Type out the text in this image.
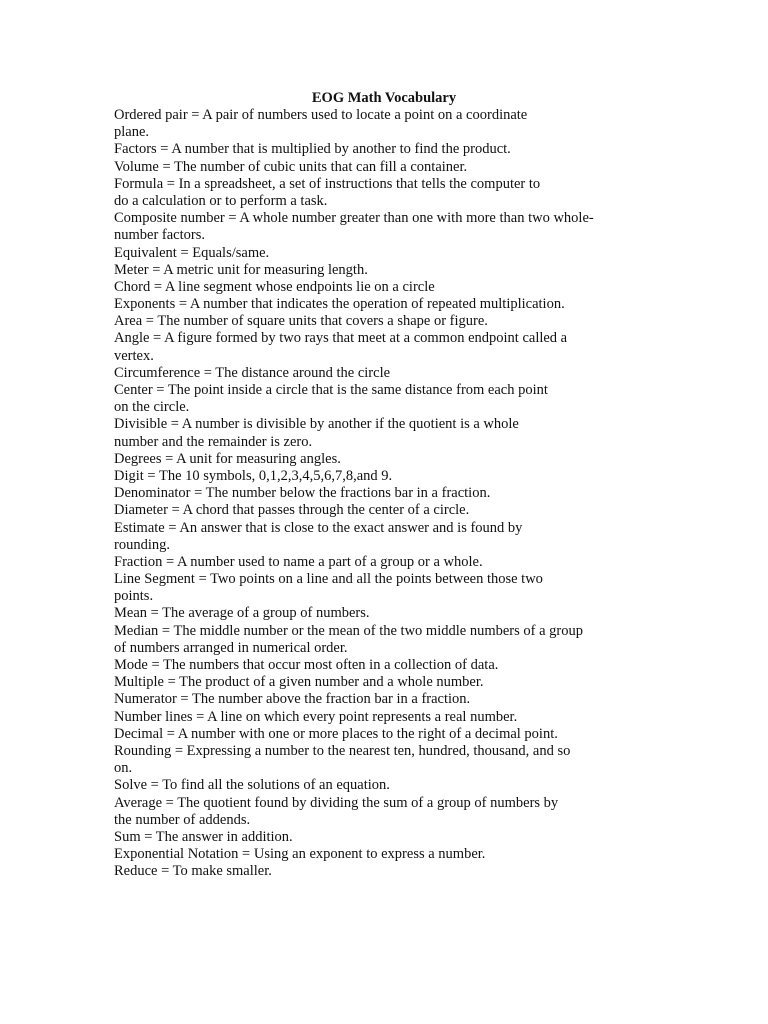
EOG Math Vocabulary
Ordered pair = A pair of numbers used to locate a point on a coordinate
plane.
Factors = A number that is multiplied by another to find the product.
Volume = The number of cubic units that can fill a container.
Formula = In a spreadsheet, a set of instructions that tells the computer to
do a calculation or to perform a task.
Composite number = A whole number greater than one with more than two whole-
number factors.
Equivalent = Equals/same.
Meter = A metric unit for measuring length.
Chord = A line segment whose endpoints lie on a circle
Exponents = A number that indicates the operation of repeated multiplication.
Area = The number of square units that covers a shape or figure.
Angle = A figure formed by two rays that meet at a common endpoint called a
vertex.
Circumference = The distance around the circle
Center = The point inside a circle that is the same distance from each point
on the circle.
Divisible = A number is divisible by another if the quotient is a whole
number and the remainder is zero.
Degrees = A unit for measuring angles.
Digit = The 10 symbols, 0,1,2,3,4,5,6,7,8,and 9.
Denominator = The number below the fractions bar in a fraction.
Diameter = A chord that passes through the center of a circle.
Estimate = An answer that is close to the exact answer and is found by
rounding.
Fraction = A number used to name a part of a group or a whole.
Line Segment = Two points on a line and all the points between those two
points.
Mean = The average of a group of numbers.
Median = The middle number or the mean of the two middle numbers of a group
of numbers arranged in numerical order.
Mode = The numbers that occur most often in a collection of data.
Multiple = The product of a given number and a whole number.
Numerator = The number above the fraction bar in a fraction.
Number lines = A line on which every point represents a real number.
Decimal = A number with one or more places to the right of a decimal point.
Rounding = Expressing a number to the nearest ten, hundred, thousand, and so
on.
Solve = To find all the solutions of an equation.
Average = The quotient found by dividing the sum of a group of numbers by
the number of addends.
Sum = The answer in addition.
Exponential Notation = Using an exponent to express a number.
Reduce = To make smaller.
